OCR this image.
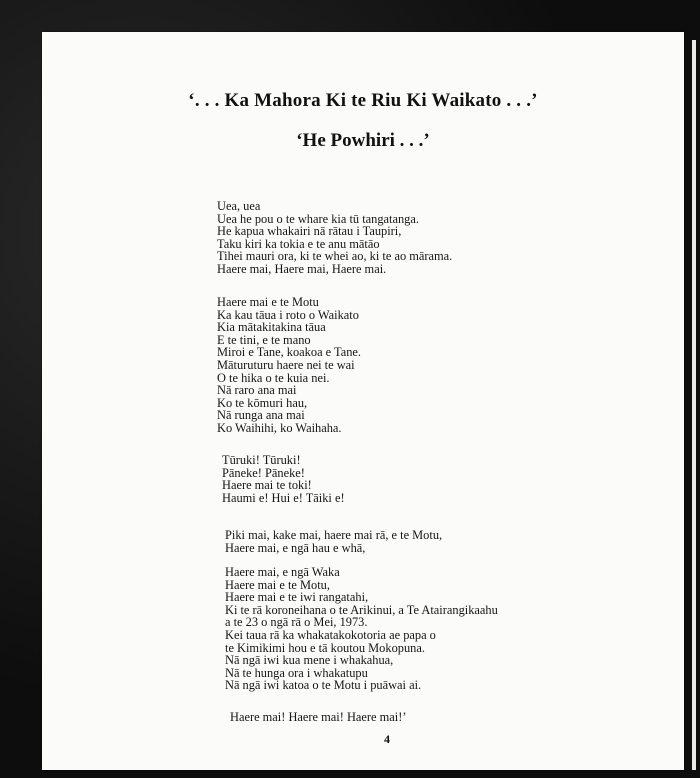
‘. . . Ka Mahora Ki te Riu Ki Waikato . . .’
‘He Powhiri . . .’
Uea, uea
Uea he pou o te whare kia tū tangatanga.
He kapua whakairi nā rātau i Taupiri,
Taku kiri ka tokia e te anu mātāo
Tihei mauri ora, ki te whei ao, ki te ao mārama.
Haere mai, Haere mai, Haere mai.
Haere mai e te Motu
Ka kau tāua i roto o Waikato
Kia mātakitakina tāua
E te tini, e te mano
Miroi e Tane, koakoa e Tane.
Māturuturu haere nei te wai
O te hika o te kuia nei.
Nā raro ana mai
Ko te kōmuri hau,
Nā runga ana mai
Ko Waihihi, ko Waihaha.
Tūruki! Tūruki!
Pāneke! Pāneke!
Haere mai te toki!
Haumi e! Hui e! Tāiki e!
Piki mai, kake mai, haere mai rā, e te Motu,
Haere mai, e ngā hau e whā,
Haere mai, e ngā Waka
Haere mai e te Motu,
Haere mai e te iwi rangatahi,
Ki te rā koroneihana o te Arikinui, a Te Atairangikaahu
a te 23 o ngā rā o Mei, 1973.
Kei taua rā ka whakatakokotoria ae papa o
te Kimikimi hou e tā koutou Mokopuna.
Nā ngā iwi kua mene i whakahua,
Nā te hunga ora i whakatupu
Nā ngā iwi katoa o te Motu i puāwai ai.
Haere mai! Haere mai! Haere mai!’
4
